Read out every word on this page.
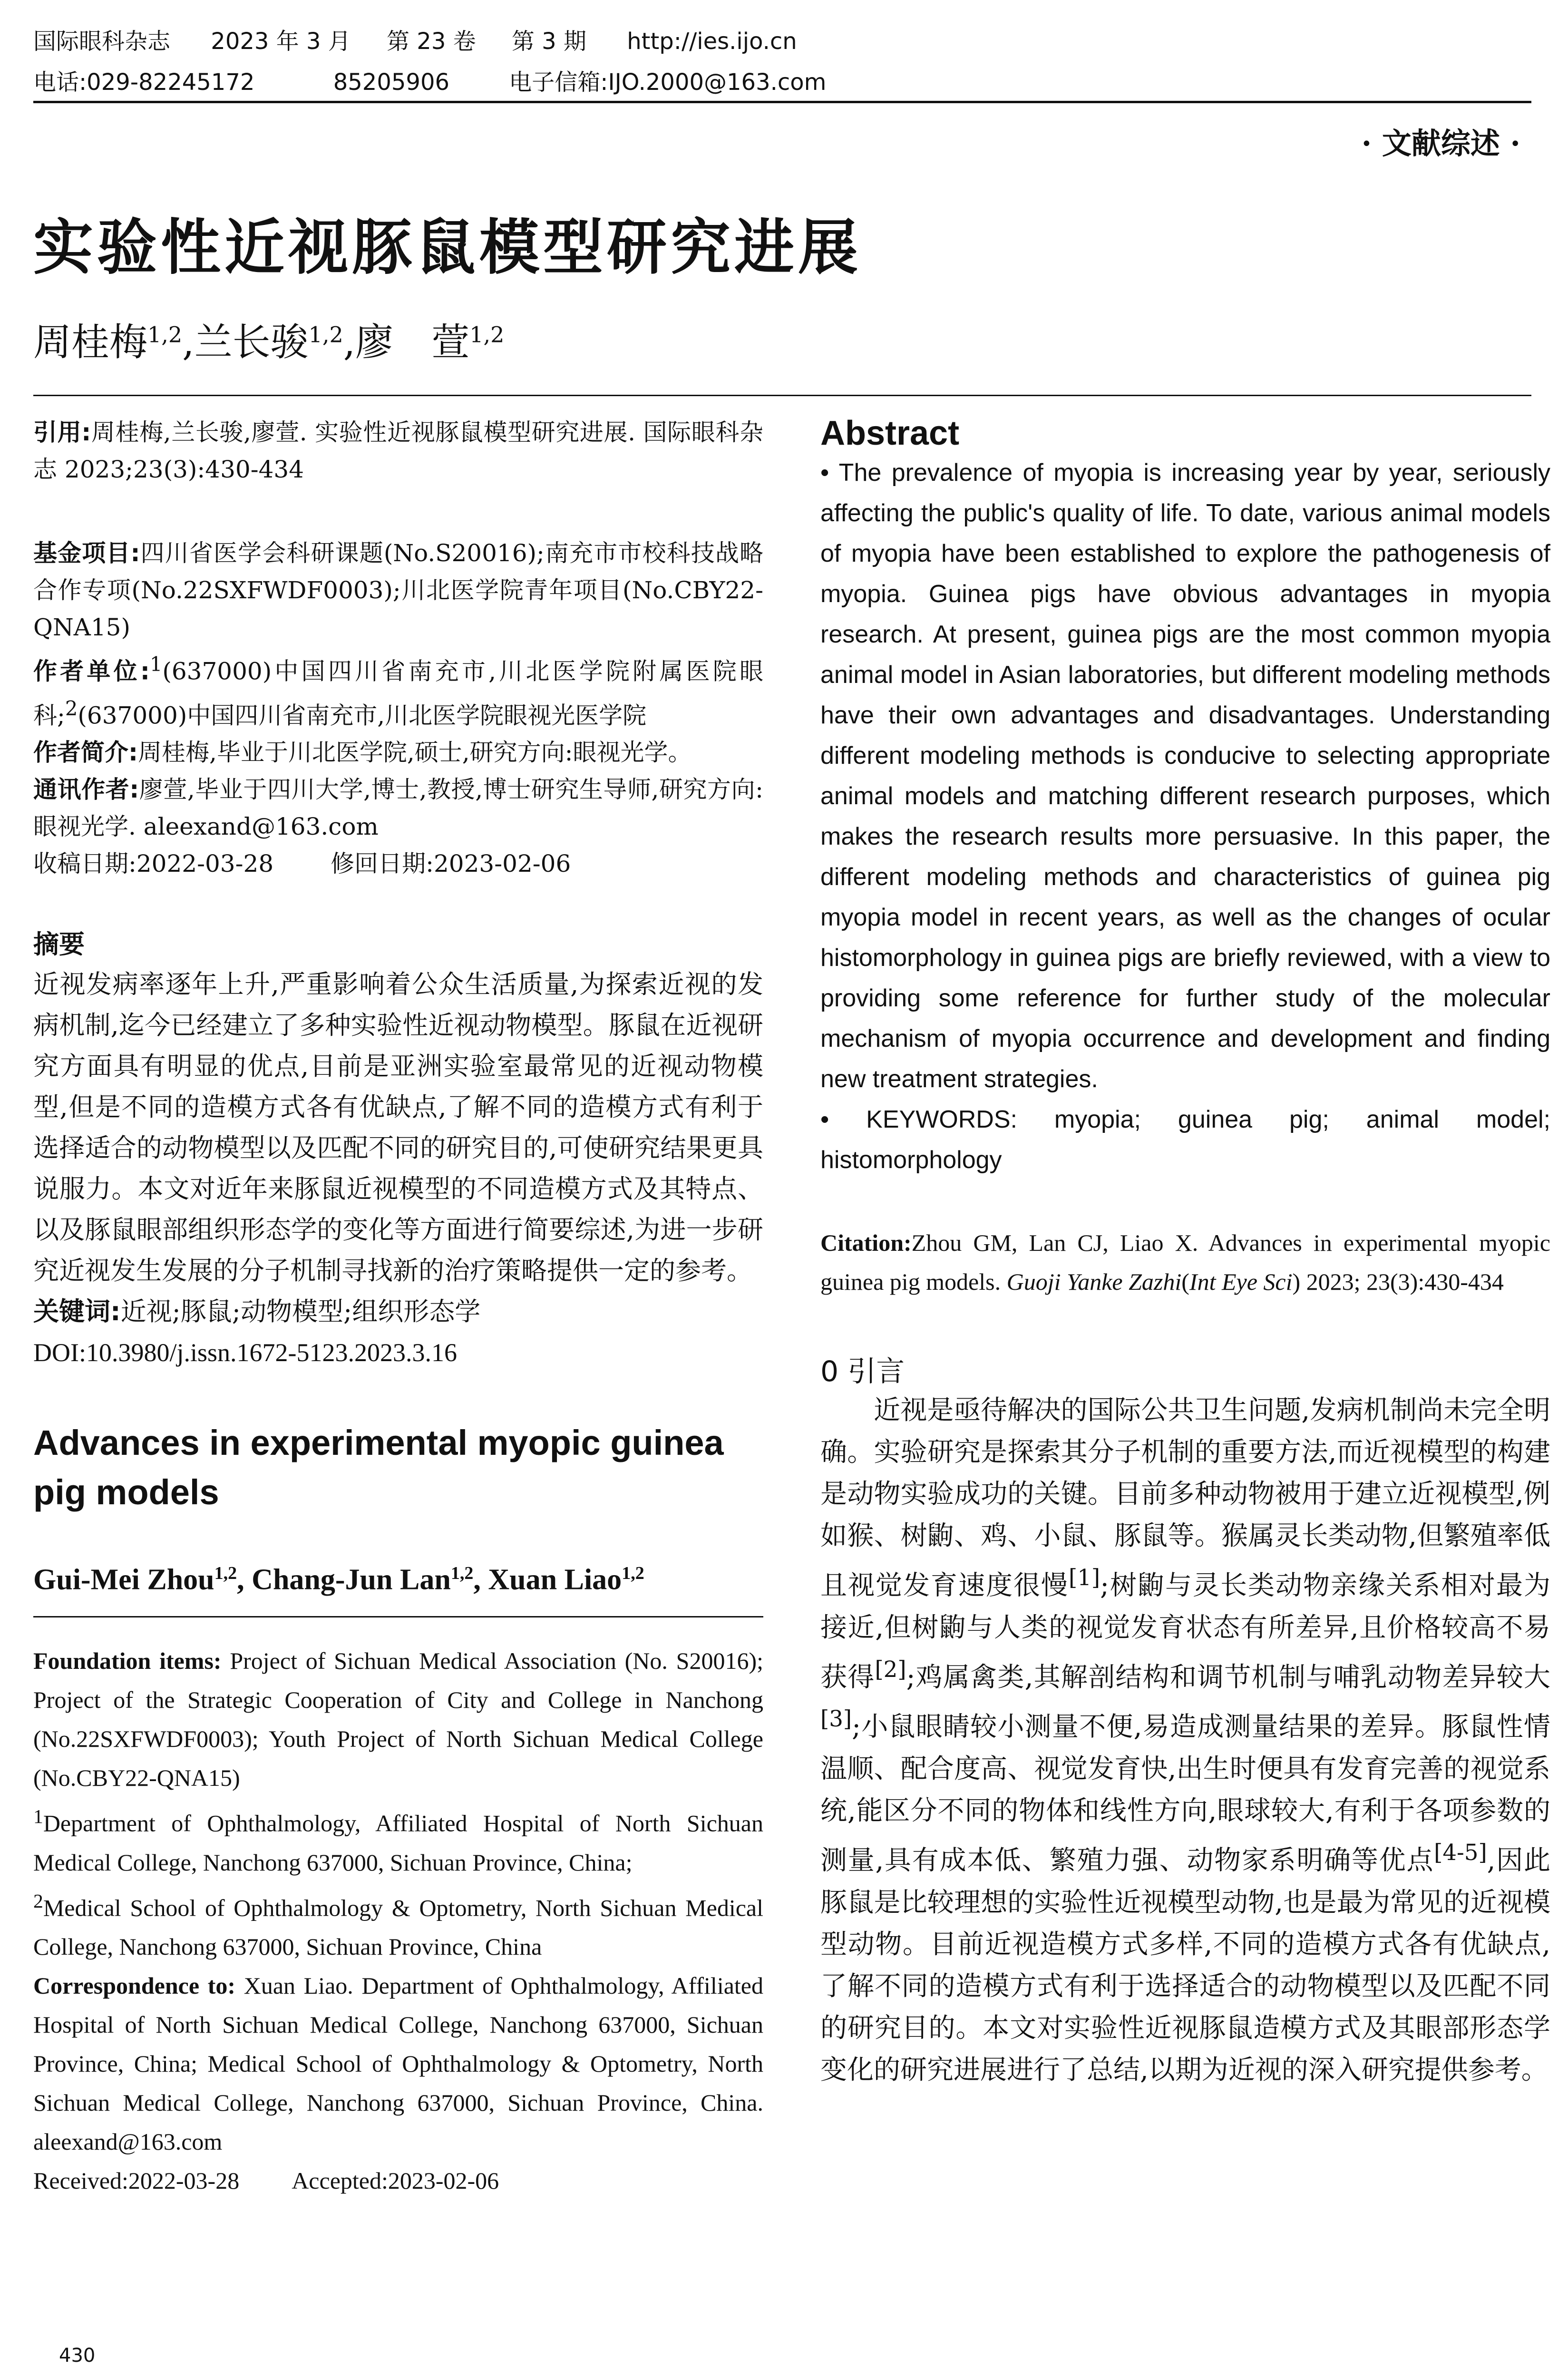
国际眼科杂志 2023 年 3 月 第 23 卷 第 3 期 http://ies.ijo.cn
电话:029-82245172	85205906	电子信箱:IJO.2000@163.com
· 文献综述 ·
实验性近视豚鼠模型研究进展
周桂梅$^{1,2}$,兰长骏$^{1,2}$,廖　萱$^{1,2}$
引用:周桂梅,兰长骏,廖萱. 实验性近视豚鼠模型研究进展. 国际眼科杂志 2023;23(3):430-434
基金项目:四川省医学会科研课题(No.S20016);南充市市校科技战略合作专项(No.22SXFWDF0003);川北医学院青年项目(No.CBY22-QNA15)
作者单位:$^1$(637000)中国四川省南充市,川北医学院附属医院眼科;$^2$(637000)中国四川省南充市,川北医学院眼视光医学院
作者简介:周桂梅,毕业于川北医学院,硕士,研究方向:眼视光学。
通讯作者:廖萱,毕业于四川大学,博士,教授,博士研究生导师,研究方向:眼视光学. aleexand@163.com
收稿日期:2022-03-28 修回日期:2023-02-06
摘要
近视发病率逐年上升,严重影响着公众生活质量,为探索近视的发病机制,迄今已经建立了多种实验性近视动物模型。豚鼠在近视研究方面具有明显的优点,目前是亚洲实验室最常见的近视动物模型,但是不同的造模方式各有优缺点,了解不同的造模方式有利于选择适合的动物模型以及匹配不同的研究目的,可使研究结果更具说服力。本文对近年来豚鼠近视模型的不同造模方式及其特点、以及豚鼠眼部组织形态学的变化等方面进行简要综述,为进一步研究近视发生发展的分子机制寻找新的治疗策略提供一定的参考。
关键词:近视;豚鼠;动物模型;组织形态学
DOI:10.3980/j.issn.1672-5123.2023.3.16
Advances in experimental myopic guinea pig models
Gui-Mei Zhou$^{1,2}$, Chang-Jun Lan$^{1,2}$, Xuan Liao$^{1,2}$
Foundation items: Project of Sichuan Medical Association (No. S20016); Project of the Strategic Cooperation of City and College in Nanchong (No.22SXFWDF0003); Youth Project of North Sichuan Medical College (No.CBY22-QNA15)
$^1$Department of Ophthalmology, Affiliated Hospital of North Sichuan Medical College, Nanchong 637000, Sichuan Province, China;
$^2$Medical School of Ophthalmology & Optometry, North Sichuan Medical College, Nanchong 637000, Sichuan Province, China
Correspondence to: Xuan Liao. Department of Ophthalmology, Affiliated Hospital of North Sichuan Medical College, Nanchong 637000, Sichuan Province, China; Medical School of Ophthalmology & Optometry, North Sichuan Medical College, Nanchong 637000, Sichuan Province, China. aleexand@163.com
Received:2022-03-28 Accepted:2023-02-06
Abstract
• The prevalence of myopia is increasing year by year, seriously affecting the public's quality of life. To date, various animal models of myopia have been established to explore the pathogenesis of myopia. Guinea pigs have obvious advantages in myopia research. At present, guinea pigs are the most common myopia animal model in Asian laboratories, but different modeling methods have their own advantages and disadvantages. Understanding different modeling methods is conducive to selecting appropriate animal models and matching different research purposes, which makes the research results more persuasive. In this paper, the different modeling methods and characteristics of guinea pig myopia model in recent years, as well as the changes of ocular histomorphology in guinea pigs are briefly reviewed, with a view to providing some reference for further study of the molecular mechanism of myopia occurrence and development and finding new treatment strategies.
• KEYWORDS: myopia; guinea pig; animal model; histomorphology
Citation:Zhou GM, Lan CJ, Liao X. Advances in experimental myopic guinea pig models. Guoji Yanke Zazhi(Int Eye Sci) 2023; 23(3):430-434
0 引言
近视是亟待解决的国际公共卫生问题,发病机制尚未完全明确。实验研究是探索其分子机制的重要方法,而近视模型的构建是动物实验成功的关键。目前多种动物被用于建立近视模型,例如猴、树鼩、鸡、小鼠、豚鼠等。猴属灵长类动物,但繁殖率低且视觉发育速度很慢[1];树鼩与灵长类动物亲缘关系相对最为接近,但树鼩与人类的视觉发育状态有所差异,且价格较高不易获得[2];鸡属禽类,其解剖结构和调节机制与哺乳动物差异较大[3];小鼠眼睛较小测量不便,易造成测量结果的差异。豚鼠性情温顺、配合度高、视觉发育快,出生时便具有发育完善的视觉系统,能区分不同的物体和线性方向,眼球较大,有利于各项参数的测量,具有成本低、繁殖力强、动物家系明确等优点[4-5],因此豚鼠是比较理想的实验性近视模型动物,也是最为常见的近视模型动物。目前近视造模方式多样,不同的造模方式各有优缺点,了解不同的造模方式有利于选择适合的动物模型以及匹配不同的研究目的。本文对实验性近视豚鼠造模方式及其眼部形态学变化的研究进展进行了总结,以期为近视的深入研究提供参考。
430
